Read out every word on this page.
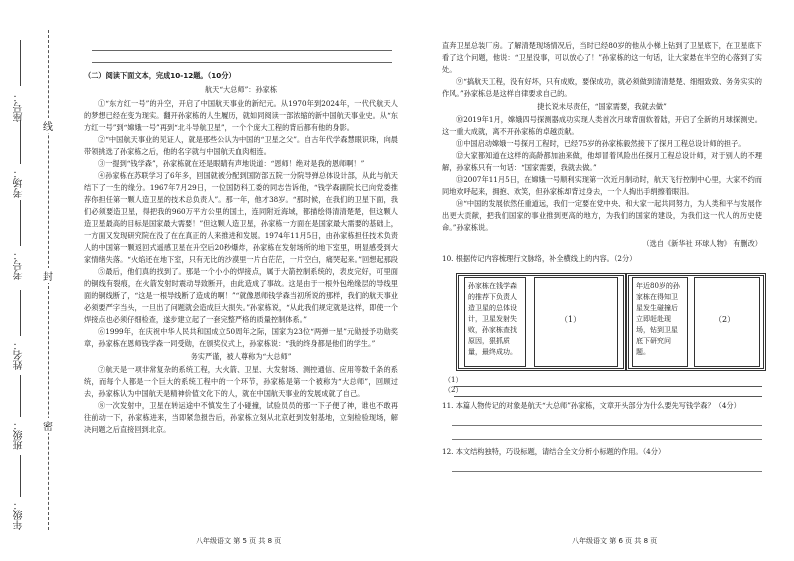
座号：
考场：
考号：
姓名：
班级：
年级：
线
封
密
（二）阅读下面文本，完成10-12题。（10分）
航天“大总师”：孙家栋

①“东方红一号”的升空，开启了中国航天事业的新纪元。从1970年到2024年，一代代航天人的梦想已经在变为现实。翻开孙家栋的人生履历，就如同阅读一部浓缩的新中国航天事业史。从“东方红一号”到“嫦娥一号”再到“北斗导航卫星”，一个个庞大工程的背后都有他的身影。

②“中国航天事业的见证人，就是那些公认为中国的“卫星之父”。自古年代学森慧眼识珠，向晨带领挑选了孙家栋之后，他的名字就与中国航天血肉相连。

③一提到“钱学森”，孙家栋就在还是眼睛有声地说道：“恩师！绝对是我的恩师啊！”

④孙家栋在苏联学习了6年多，回国就被分配到国防部五院一分院导弹总体设计部，从此与航天结下了一生的缘分。1967年7月29日，一位国防科工委的同志告诉他，“钱学森副院长已向党委推荐你担任第一颗人造卫星的技术总负责人”。那一年，他才38岁。“那时候，在我们的卫星下面，我们必须要造卫星，得把我的960万平方公里的国土，连同附近海域，都描绘得清清楚楚，但这颗人造卫星最高的目标是国家最大需要！”但这颗人造卫星，孙家栋一方面在是国家最大需要的基础上，一方面又发现研究院在没了在在真正的人来推进和发展。1974年11月5日，由孙家栋担任技术负责人的中国第一颗返回式遥感卫星在升空后20秒爆炸，孙家栋在发射场所的地下室里，明显感受到大家情绪失落。“火焰还在地下室，只有无比的沙漠里一片白茫茫，一片空白，痛哭起来。”回想起那段

⑤最后，他们真的找到了。那是一个小小的焊接点，属于大箭控制系统的，表皮完好，可里面的铜线有裂痕，在火箭发射时震动导致断开，由此造成了事故。这是由于一根外包绝缘层的导线里面的铜线断了，“这是一根导线断了造成的啊！”“就像恩师钱学森当初所说的那样，我们的航天事业必须要严字当头，一旦出了问题就会造成巨大损失。”孙家栋说，“从此我们规定就是这样，即使一个焊接点也必须仔细检查，遂步建立起了一套完整严格的质量控制体系。”

⑥1999年，在庆祝中华人民共和国成立50周年之际，国家为23位“两弹一星”元勋授予功勋奖章，孙家栋在恩师钱学森一同受勋，在颁奖仪式上，孙家栋说：“我的终身都是他们的学生。”

务实严谨，被人尊称为“大总师”

⑦航天是一项非常复杂的系统工程，大火箭、卫星、大发射场、测控通信、应用等数千条的系统，而每个人都是一个巨大的系统工程中的一个环节，孙家栋是第一个被称为“大总师”，回顾过去，孙家栋认为中国航天是精神价值文化下的人，就在中国航天事业的发展成就了自己。

⑧一次发射中，卫星在转运途中不慎发生了小碰撞，试验员员的那一下子便了神，谁也不敢再往前动一下，孙家栋进来，当即紧急报告后，孙家栋立刻从北京赶到发射基地，立刻检验现场，解决问题之后直接回到北京。

八年级语文 第 5 页 共 8 页

直奔卫星总装厂房。了解清楚现场情况后，当时已经80岁的他从小梯上钻到了卫星底下，在卫星底下看了这个问题，他说：“卫星没事，可以放心了！”孙家栋的这一句话，让大家悬在半空的心落到了实处。

⑨“搞航天工程，没有好坏，只有成败，要保成功，就必须做到清清楚楚、细细致致、务务实实的作风。”孙家栋总是这样自律要求自己的。

捷长说未尽责任，“国家需要，我就去做”

⑩2019年1月，嫦娥四号探测器成功实现人类首次月球背面软着陆，开启了全新的月球探测史。这一重大成就，离不开孙家栋的卓越贡献。

⑪中国启动嫦娥一号探月工程时，已经75岁的孙家栋毅然接下了探月工程总设计师的担子。

⑫大家都知道在这样的高龄都加油来做，他却冒着风险出任探月工程总设计师，对于别人的不理解，孙家栋只有一句话：“国家需要，我就去做。”

⑬2007年11月5日，在嫦娥一号顺利实现第一次近月制动时，航天飞行控制中心里，大家不约而同地欢呼起来，拥抱、欢笑，但孙家栋却背过身去，一个人掏出手绢擦着眼泪。

⑭“中国的发展依然任重道远，我们一定要在党中央、和大家一起共同努力，为人类和平与发展作出更大贡献，把我们国家的事业推到更高的地方，为我们的国家的建设，为我们这一代人的历史使命。”孙家栋说。

（选自《新华社 环球人物》 有删改）
10. 根据传记内容梳理行文脉络，补全横线上的内容。（2分）
孙家栋在钱学森的推荐下负责人造卫星的总体设计，卫星发射失败，孙家栋查找原因，狠抓质量，最终成功。
（1）
年近80岁的孙家栋在得知卫星发生碰撞后立即赶赴现场，钻到卫星底下研究问题。
（2）
（1）
（2）
11. 本篇人物传记的对象是航天“大总师”孙家栋，文章开头部分为什么要先写钱学森？（4分）
12. 本文结构独特，巧设标题，请结合全文分析小标题的作用。（4分）
八年级语文 第 6 页 共 8 页
